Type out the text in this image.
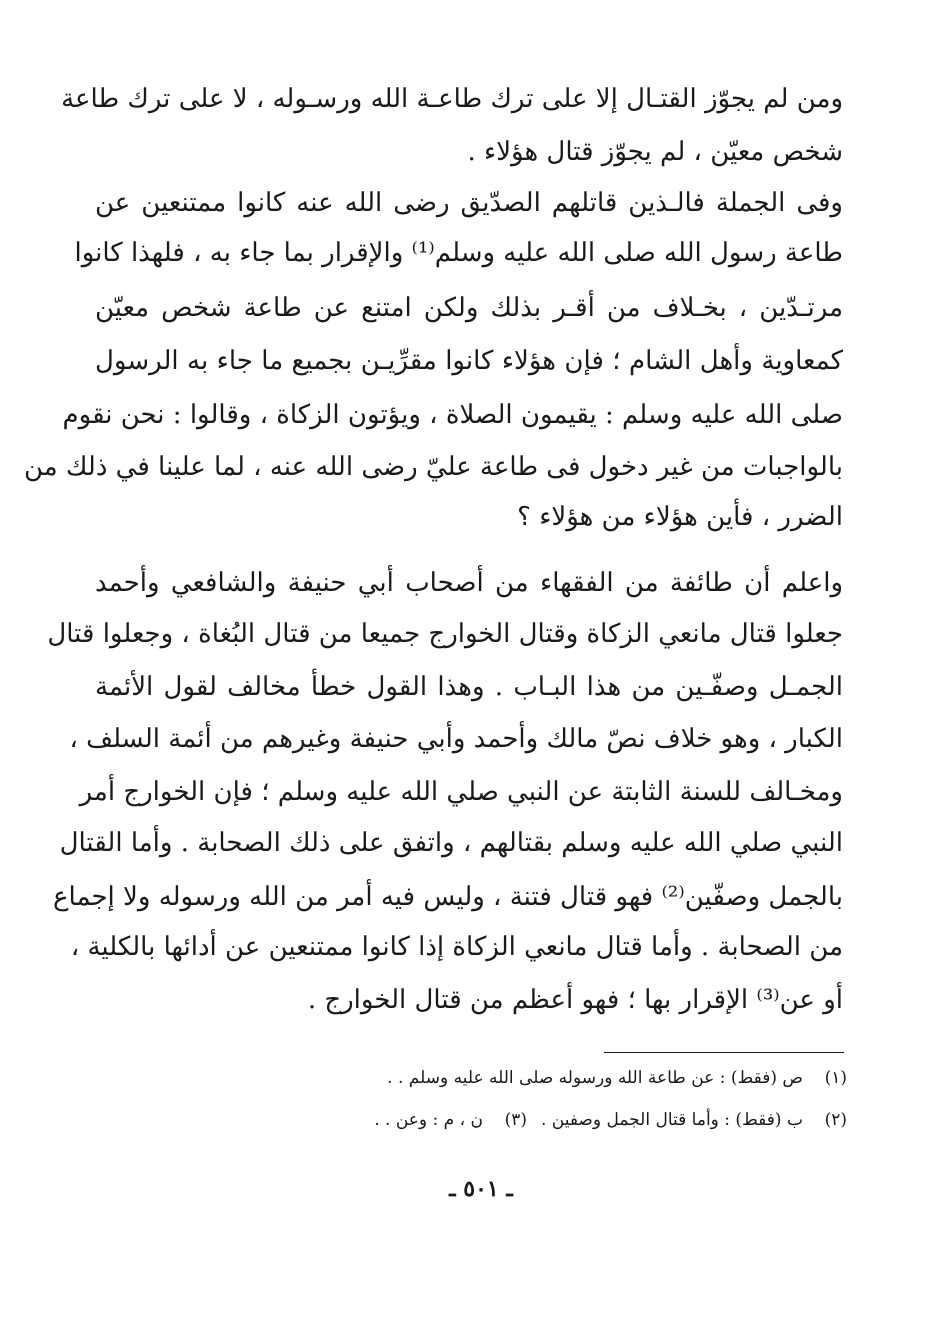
ومن لم يجوّز القتـال إلا على ترك طاعـة الله ورسـوله ، لا على ترك طاعة
شخص معيّن ، لم يجوّز قتال هؤلاء .
وفى الجملة فالـذين قاتلهم الصدّيق رضى الله عنه كانوا ممتنعين عن
طاعة رسول الله صلى الله عليه وسلم⁽¹⁾ والإقرار بما جاء به ، فلهذا كانوا
مرتـدّين ، بخـلاف من أقـر بذلك ولكن امتنع عن طاعة شخص معيّن
كمعاوية وأهل الشام ؛ فإن هؤلاء كانوا مقرِّيـن بجميع ما جاء به الرسول
صلى الله عليه وسلم : يقيمون الصلاة ، ويؤتون الزكاة ، وقالوا : نحن نقوم
بالواجبات من غير دخول فى طاعة عليّ رضى الله عنه ، لما علينا في ذلك من
الضرر ، فأين هؤلاء من هؤلاء ؟
واعلم أن طائفة من الفقهاء من أصحاب أبي حنيفة والشافعي وأحمد
جعلوا قتال مانعي الزكاة وقتال الخوارج جميعا من قتال البُغاة ، وجعلوا قتال
الجمـل وصفّـين من هذا البـاب . وهذا القول خطأ مخالف لقول الأئمة
الكبار ، وهو خلاف نصّ مالك وأحمد وأبي حنيفة وغيرهم من أئمة السلف ،
ومخـالف للسنة الثابتة عن النبي صلي الله عليه وسلم ؛ فإن الخوارج أمر
النبي صلي الله عليه وسلم بقتالهم ، واتفق على ذلك الصحابة . وأما القتال
بالجمل وصفّين⁽²⁾ فهو قتال فتنة ، وليس فيه أمر من الله ورسوله ولا إجماع
من الصحابة . وأما قتال مانعي الزكاة إذا كانوا ممتنعين عن أدائها بالكلية ،
أو عن⁽³⁾ الإقرار بها ؛ فهو أعظم من قتال الخوارج .
(١)    ص (فقط) : عن طاعة الله ورسوله صلى الله عليه وسلم . .
(٢)    ب (فقط) : وأما قتال الجمل وصفين .
(٣)    ن ، م : وعن . .
ـ ٥٠١ ـ
